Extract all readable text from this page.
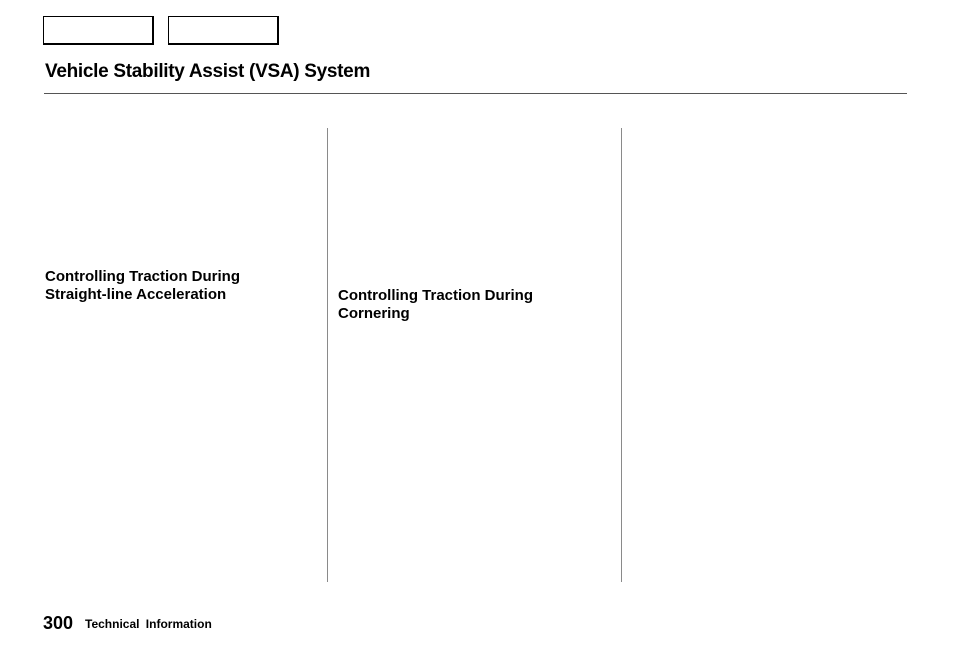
Vehicle Stability Assist (VSA) System
Controlling Traction During
Straight-line Acceleration	Controlling Traction During
Cornering
300 Technical Information
